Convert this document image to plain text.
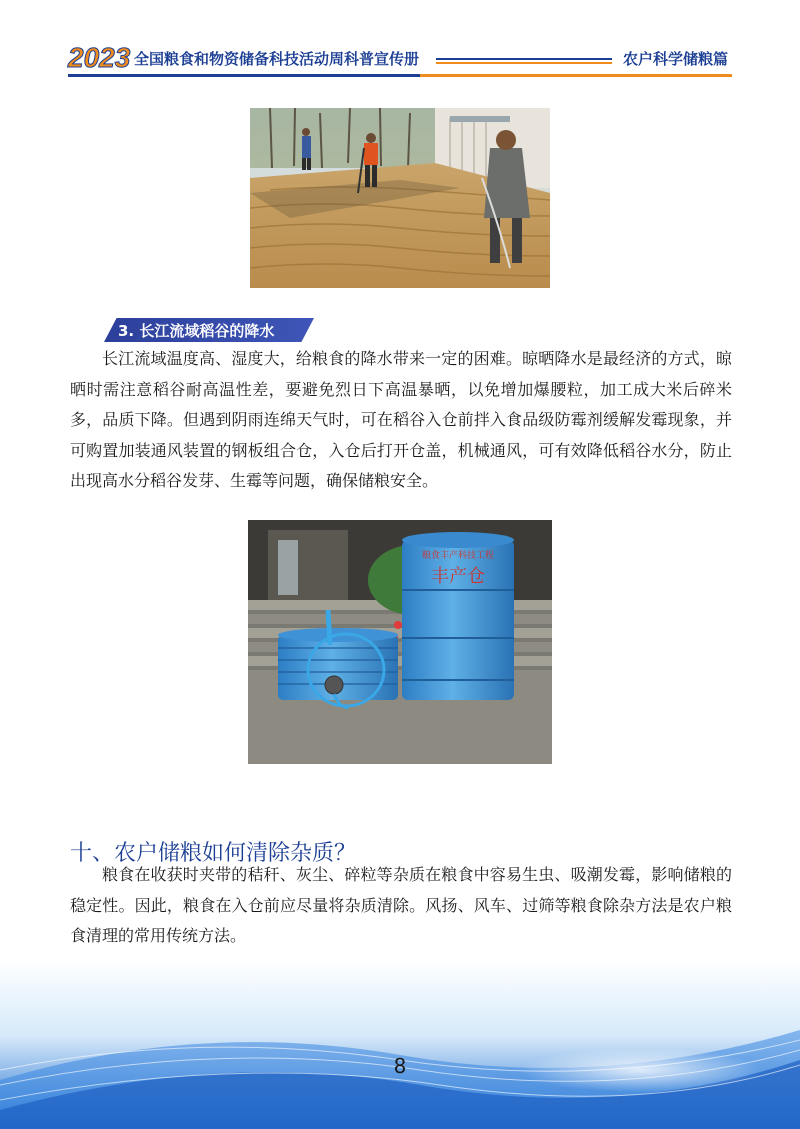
2023 全国粮食和物资储备科技活动周科普宣传册	农户科学储粮篇
3. 长江流域稻谷的降水

长江流域温度高、湿度大，给粮食的降水带来一定的困难。晾晒降水是最经济的方式，晾晒时需注意稻谷耐高温性差，要避免烈日下高温暴晒，以免增加爆腰粒，加工成大米后碎米多，品质下降。但遇到阴雨连绵天气时，可在稻谷入仓前拌入食品级防霉剂缓解发霉现象，并可购置加装通风装置的钢板组合仓，入仓后打开仓盖，机械通风，可有效降低稻谷水分，防止出现高水分稻谷发芽、生霉等问题，确保储粮安全。

粮食丰产科技工程
丰产仓
十、农户储粮如何清除杂质？

粮食在收获时夹带的秸秆、灰尘、碎粒等杂质在粮食中容易生虫、吸潮发霉，影响储粮的稳定性。因此，粮食在入仓前应尽量将杂质清除。风扬、风车、过筛等粮食除杂方法是农户粮食清理的常用传统方法。

8
